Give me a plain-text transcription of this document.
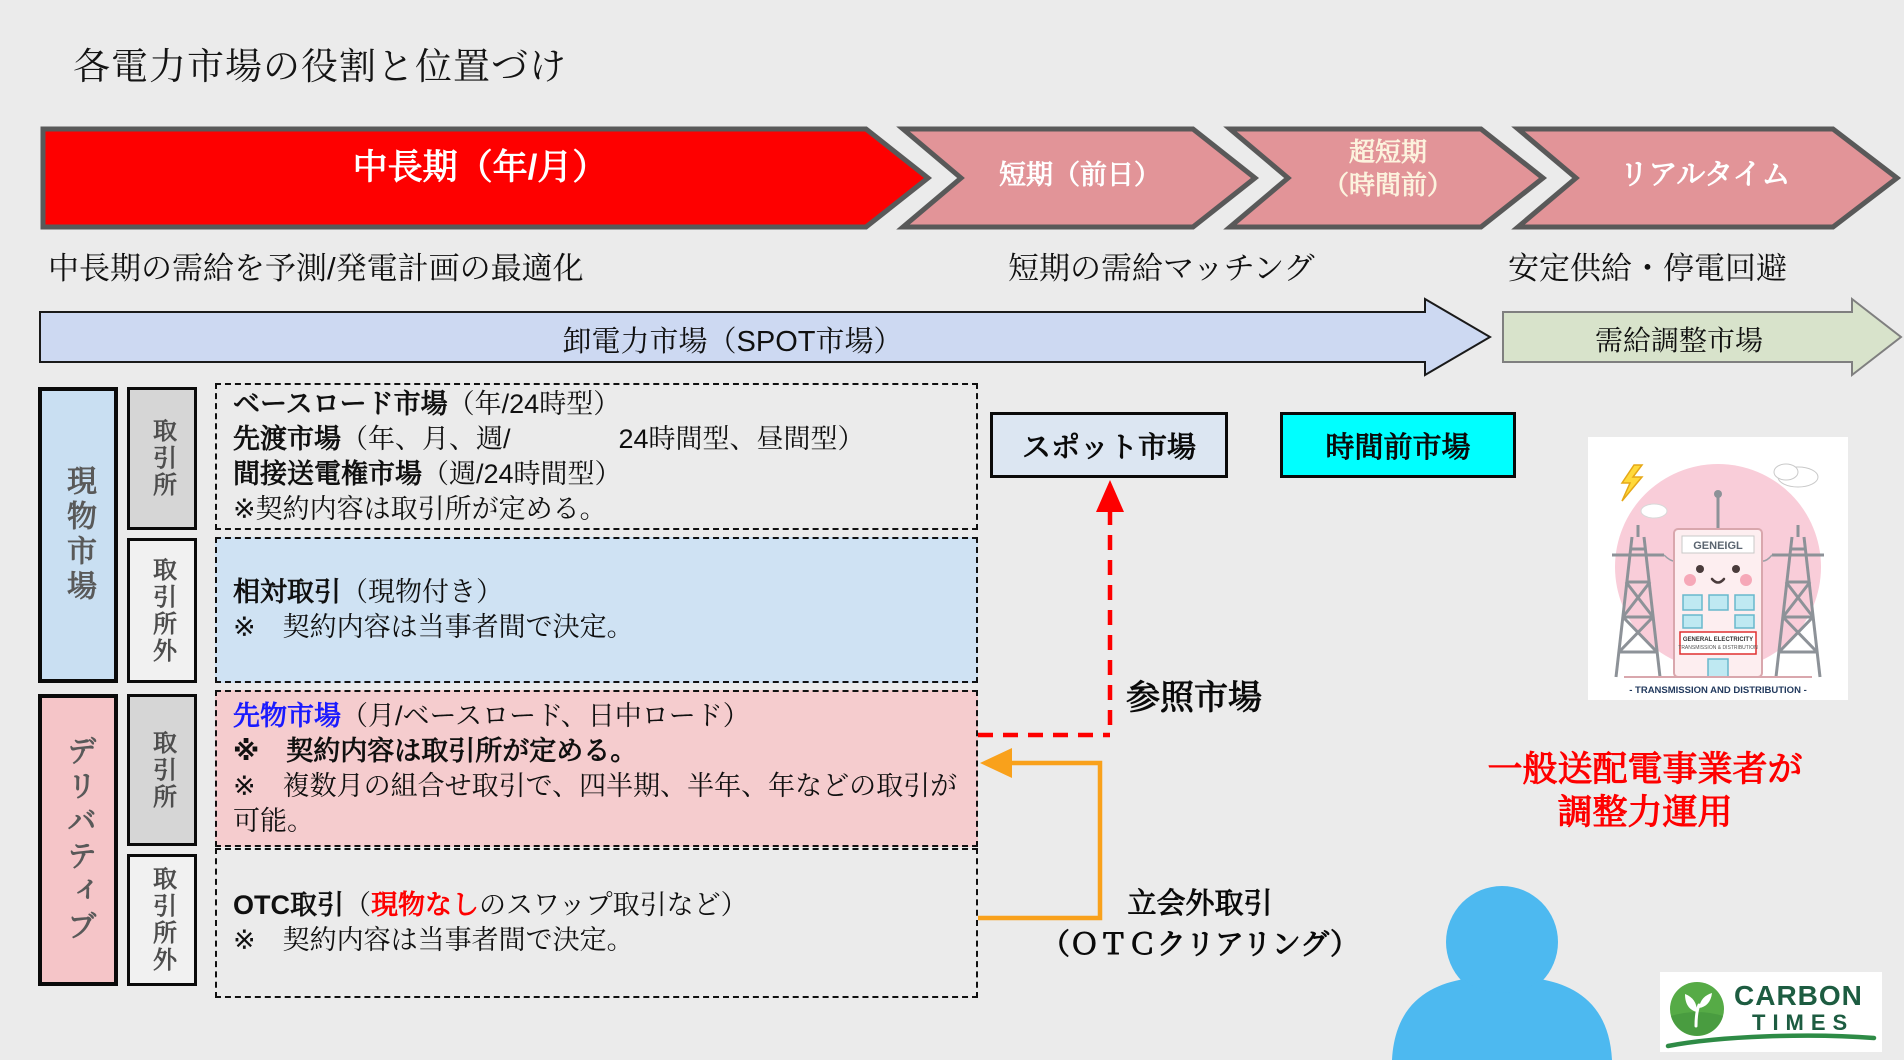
各電力市場の役割と位置づけ
中長期（年/月）	短期（前日）
超短期
（時間前）	リアルタイム
中長期の需給を予測/発電計画の最適化	短期の需給マッチング	安定供給・停電回避
卸電力市場（SPOT市場）	需給調整市場
現物市場
デリバティブ
取引所
取引所外
取引所
取引所外
ベースロード市場（年/24時型）
先渡市場（年、月、週/　　　　24時間型、昼間型）
間接送電権市場（週/24時間型）
※契約内容は取引所が定める。
相対取引（現物付き）
※　契約内容は当事者間で決定。
先物市場（月/ベースロード、日中ロード）
※　契約内容は取引所が定める。
※　複数月の組合せ取引で、四半期、半年、年などの取引が可能。
OTC取引（現物なしのスワップ取引など）
※　契約内容は当事者間で決定。
スポット市場	時間前市場
参照市場
立会外取引
（ＯＴＣクリアリング）
GENEIGL
GENERAL ELECTRICITY
TRANSMISSION & DISTRIBUTION
- TRANSMISSION AND DISTRIBUTION -
一般送配電事業者が
調整力運用
CARBON
TIMES
